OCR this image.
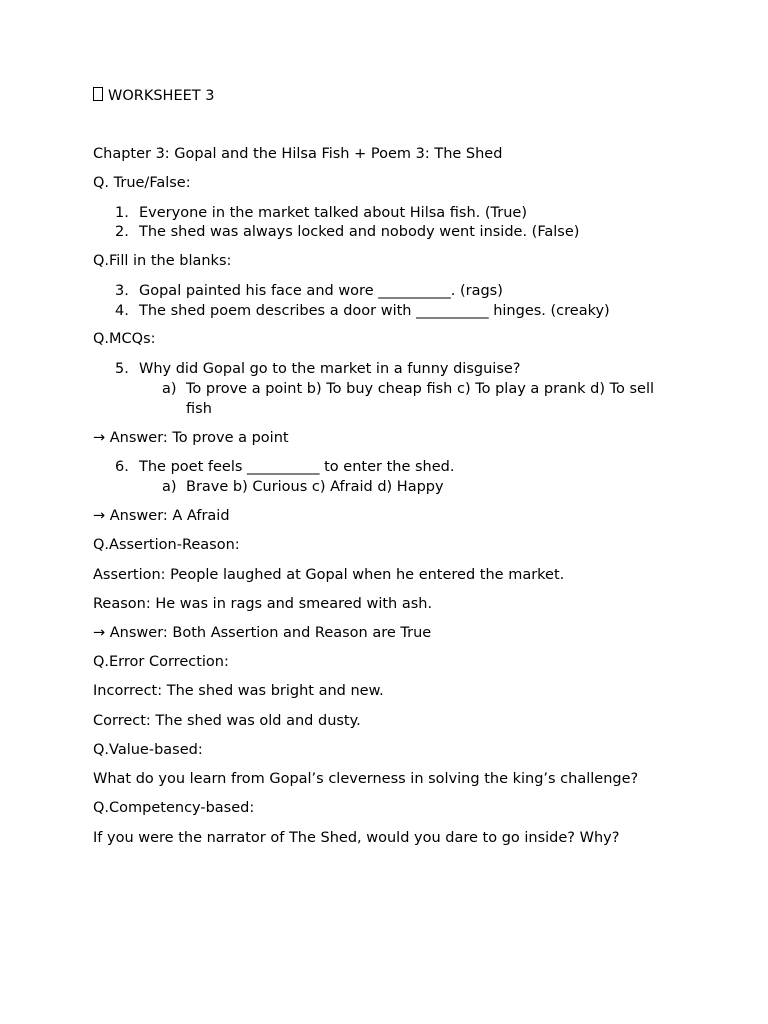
WORKSHEET 3
Chapter 3: Gopal and the Hilsa Fish + Poem 3: The Shed
Q. True/False:
1. Everyone in the market talked about Hilsa fish. (True)
2. The shed was always locked and nobody went inside. (False)
Q.Fill in the blanks:
3. Gopal painted his face and wore __________. (rags)
4. The shed poem describes a door with __________ hinges. (creaky)
Q.MCQs:
5. Why did Gopal go to the market in a funny disguise?
a) To prove a point b) To buy cheap fish c) To play a prank d) To sell fish
→ Answer: To prove a point
6. The poet feels __________ to enter the shed.
a) Brave b) Curious c) Afraid d) Happy
→ Answer: A Afraid
Q.Assertion-Reason:
Assertion: People laughed at Gopal when he entered the market.
Reason: He was in rags and smeared with ash.
→ Answer: Both Assertion and Reason are True
Q.Error Correction:
Incorrect: The shed was bright and new.
Correct: The shed was old and dusty.
Q.Value-based:
What do you learn from Gopal’s cleverness in solving the king’s challenge?
Q.Competency-based:
If you were the narrator of The Shed, would you dare to go inside? Why?
